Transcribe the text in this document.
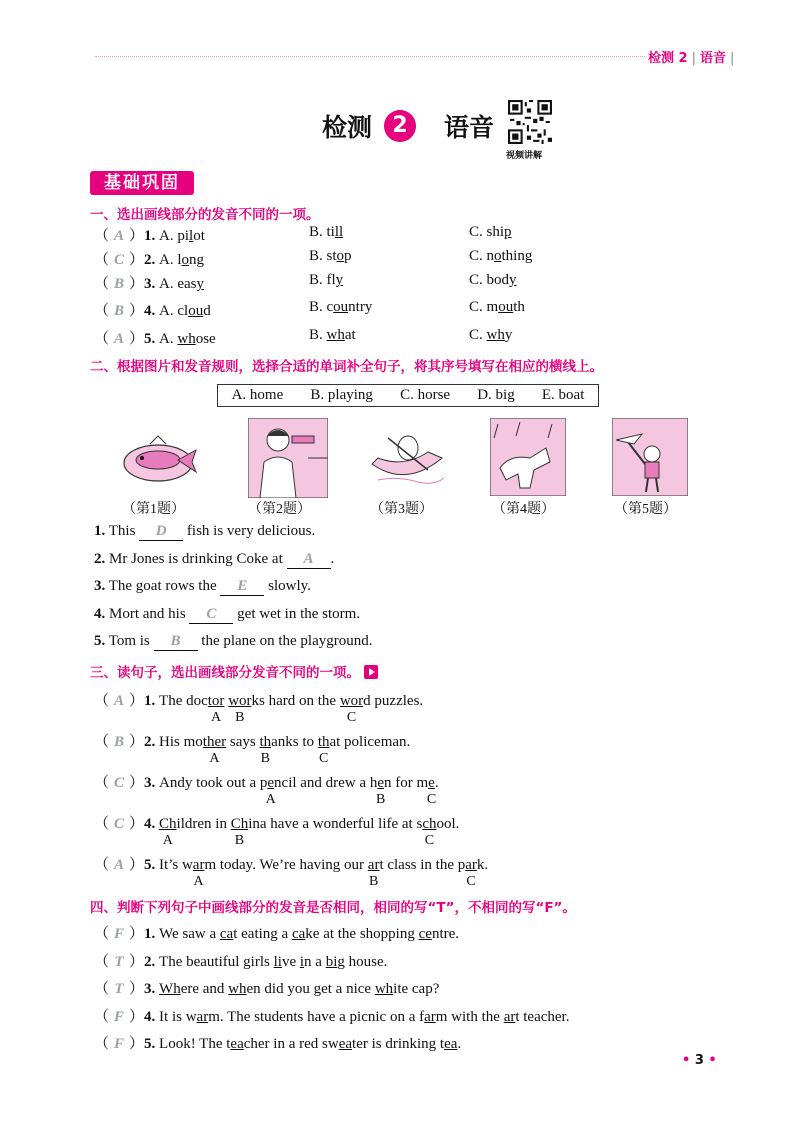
检测 2 | 语音 |
检测 2	语音
视频讲解
基础巩固
一、选出画线部分的发音不同的一项。
（ A ）1. A. pilot	B. till	C. ship
（ C ）2. A. long	B. stop	C. nothing
（ B ）3. A. easy	B. fly	C. body
（ B ）4. A. cloud	B. country	C. mouth
（ A ）5. A. whose	B. what	C. why
二、根据图片和发音规则，选择合适的单词补全句子，将其序号填写在相应的横线上。
A. home B. playing C. horse D. big E. boat
（第1题）	（第2题）	（第3题）	（第4题）	（第5题）
1. This D fish is very delicious.
2. Mr Jones is drinking Coke at A .
3. The goat rows the E slowly.
4. Mort and his C get wet in the storm.
5. Tom is B the plane on the playground.
三、读句子，选出画线部分发音不同的一项。
（ A ）1. The doctor
A
wor
B
ks hard on the wor
C
d puzzles.
（ B ）2. His mother
A
says $\frac{th}{B}$ anks to $\frac{th}{C}$ at policeman.
（ C ）3. Andy took out a $p\frac{e}{A}$ ncil and drew a $h\frac{e}{B}$ n for $m\frac{e}{C}$ .
（ C ）4. $\frac{Ch}{A}$ ildren in $\frac{Ch}{B}$ ina have a wonderful life at $s\frac{ch}{C}$ ool.
（ A ）5. It’s $w\frac{ar}{A}$ m today. We’re having our $\frac{ar}{B}$ t class in the $p\frac{ar}{C} k$.
四、判断下列句子中画线部分的发音是否相同，相同的写“T”，不相同的写“F”。
（ F ）1. We saw a cat eating a cake at the shopping centre.
（ T ）2. The beautiful girls live in a big house.
（ T ）3. Where and when did you get a nice white cap?
（ F ）4. It is warm. The students have a picnic on a farm with the art teacher.
（ F ）5. Look! The teacher in a red sweater is drinking tea.
• 3 •
